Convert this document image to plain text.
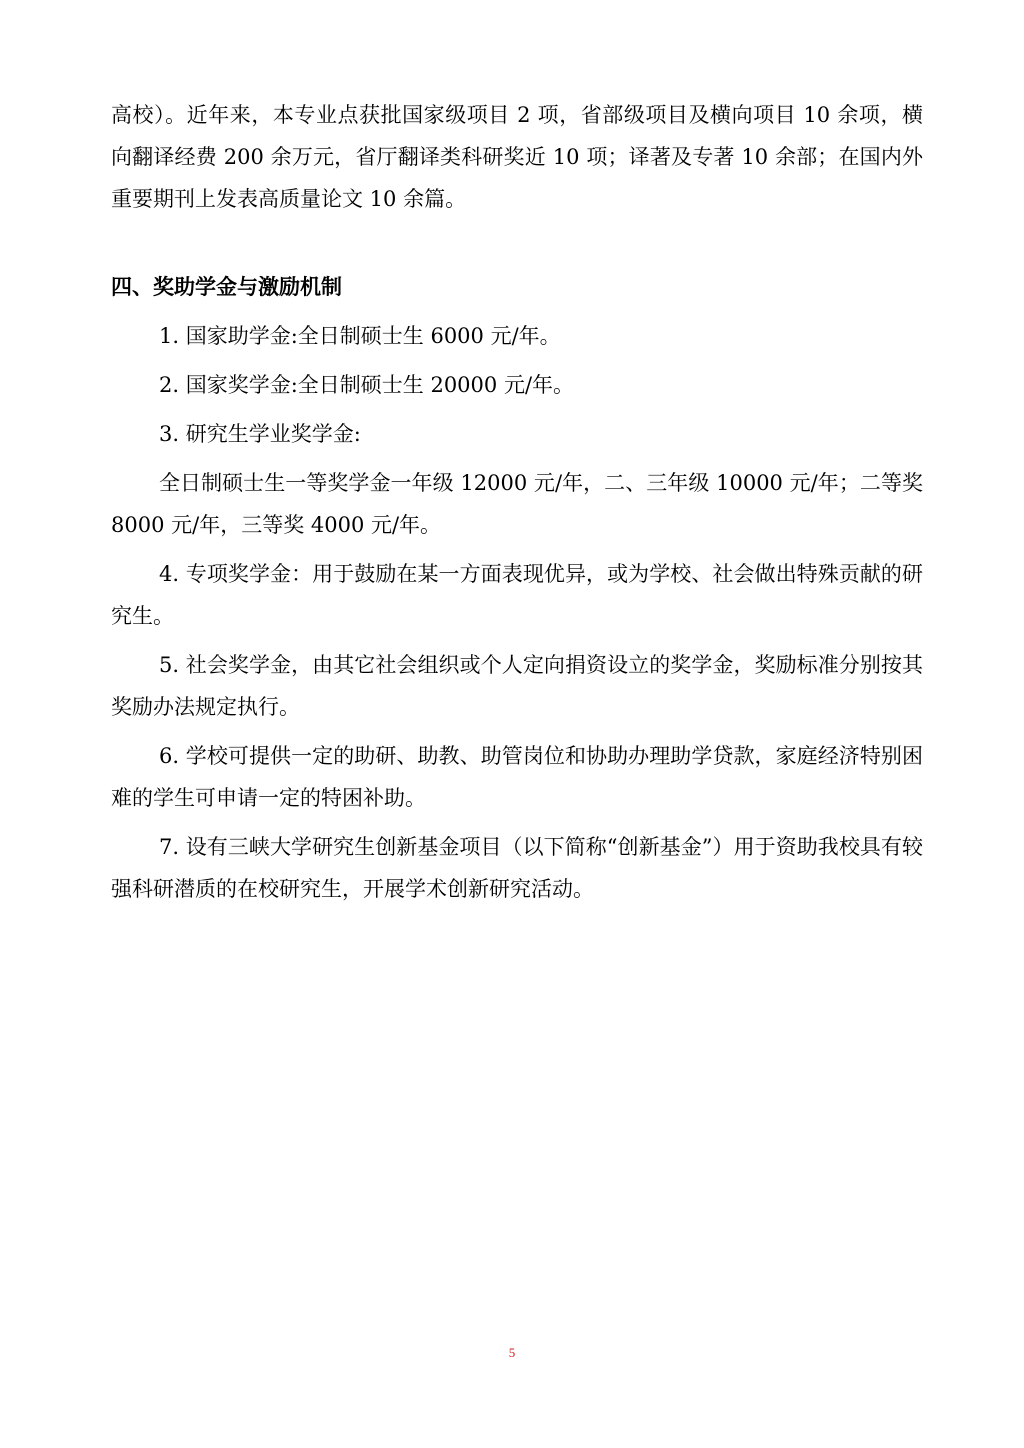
高校）。近年来，本专业点获批国家级项目 2 项，省部级项目及横向项目 10 余项，横向翻译经费 200 余万元，省厅翻译类科研奖近 10 项；译著及专著 10 余部；在国内外重要期刊上发表高质量论文 10 余篇。

四、奖助学金与激励机制

1. 国家助学金:全日制硕士生 6000 元/年。

2. 国家奖学金:全日制硕士生 20000 元/年。

3. 研究生学业奖学金:

全日制硕士生一等奖学金一年级 12000 元/年，二、三年级 10000 元/年；二等奖 8000 元/年，三等奖 4000 元/年。

4. 专项奖学金：用于鼓励在某一方面表现优异，或为学校、社会做出特殊贡献的研究生。

5. 社会奖学金，由其它社会组织或个人定向捐资设立的奖学金，奖励标准分别按其奖励办法规定执行。

6. 学校可提供一定的助研、助教、助管岗位和协助办理助学贷款，家庭经济特别困难的学生可申请一定的特困补助。

7. 设有三峡大学研究生创新基金项目（以下简称“创新基金”）用于资助我校具有较强科研潜质的在校研究生，开展学术创新研究活动。

5
